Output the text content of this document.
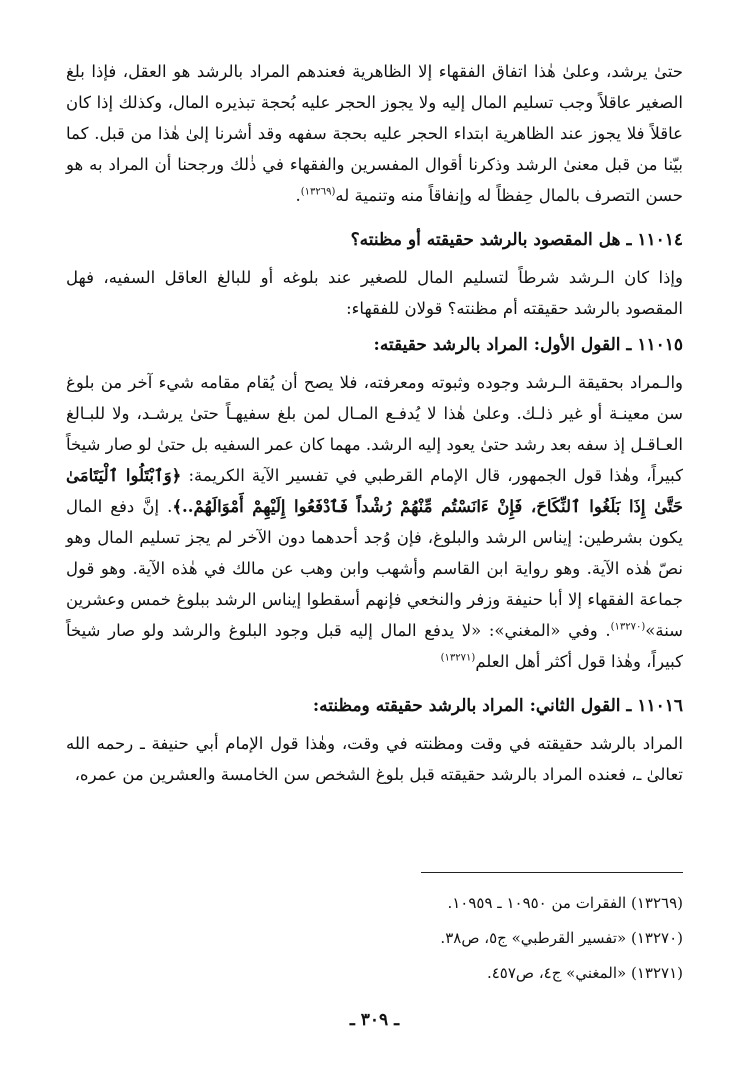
حتىٰ يرشد، وعلىٰ هٰذا اتفاق الفقهاء إلا الظاهرية فعندهم المراد بالرشد هو العقل، فإذا بلغ الصغير عاقلاً وجب تسليم المال إليه ولا يجوز الحجر عليه بُحجة تبذيره المال، وكذلك إذا كان عاقلاً فلا يجوز عند الظاهرية ابتداء الحجر عليه بحجة سفهه وقد أشرنا إلىٰ هٰذا من قبل. كما بيّنا من قبل معنىٰ الرشد وذكرنا أقوال المفسرين والفقهاء في ذٰلك ورجحنا أن المراد به هو حسن التصرف بالمال حِفظاً له وإنفاقاً منه وتنمية له$^{(١٣٢٦٩)}$.

١١٠١٤ ـ هل المقصود بالرشد حقيقته أو مظنته؟

وإذا كان الـرشد شرطاً لتسليم المال للصغير عند بلوغه أو للبالغ العاقل السفيه، فهل المقصود بالرشد حقيقته أم مظنته؟ قولان للفقهاء:

١١٠١٥ ـ القول الأول: المراد بالرشد حقيقته:

والـمراد بحقيقة الـرشد وجوده وثبوته ومعرفته، فلا يصح أن يُقام مقامه شيء آخر من بلوغ سن معينـة أو غير ذلـك. وعلىٰ هٰذا لا يُدفـع المـال لمن بلغ سفيهـاً حتىٰ يرشـد، ولا للبـالغ العـاقـل إذ سفه بعد رشد حتىٰ يعود إليه الرشد. مهما كان عمر السفيه بل حتىٰ لو صار شيخاً كبيراً، وهٰذا قول الجمهور، قال الإمام القرطبي في تفسير الآية الكريمة: ﴿وَٱبْتَلُوا ٱلْيَتَامَىٰ حَتَّىٰ إِذَا بَلَغُوا ٱلنِّكَاحَ، فَإِنْ ءَانَسْتُم مِّنْهُمْ رُشْداً فَٱدْفَعُوا إِلَيْهِمْ أَمْوَالَهُمْ..﴾. إنَّ دفع المال يكون بشرطين: إيناس الرشد والبلوغ، فإن وُجد أحدهما دون الآخر لم يجز تسليم المال وهو نصّ هٰذه الآية. وهو رواية ابن القاسم وأشهب وابن وهب عن مالك في هٰذه الآية. وهو قول جماعة الفقهاء إلا أبا حنيفة وزفر والنخعي فإنهم أسقطوا إيناس الرشد ببلوغ خمس وعشرين سنة»$^{(١٣٢٧٠)}$. وفي «المغني»: «لا يدفع المال إليه قبل وجود البلوغ والرشد ولو صار شيخاً كبيراً، وهٰذا قول أكثر أهل العلم$^{(١٣٢٧١)}$

١١٠١٦ ـ القول الثاني: المراد بالرشد حقيقته ومظنته:

المراد بالرشد حقيقته في وقت ومظنته في وقت، وهٰذا قول الإمام أبي حنيفة ـ رحمه الله تعالىٰ ـ، فعنده المراد بالرشد حقيقته قبل بلوغ الشخص سن الخامسة والعشرين من عمره،

(١٣٢٦٩) الفقرات من ١٠٩٥٠ ـ ١٠٩٥٩.

(١٣٢٧٠) «تفسير القرطبي» ج٥، ص٣٨.

(١٣٢٧١) «المغني» ج٤، ص٤٥٧.

ـ ٣٠٩ ـ
